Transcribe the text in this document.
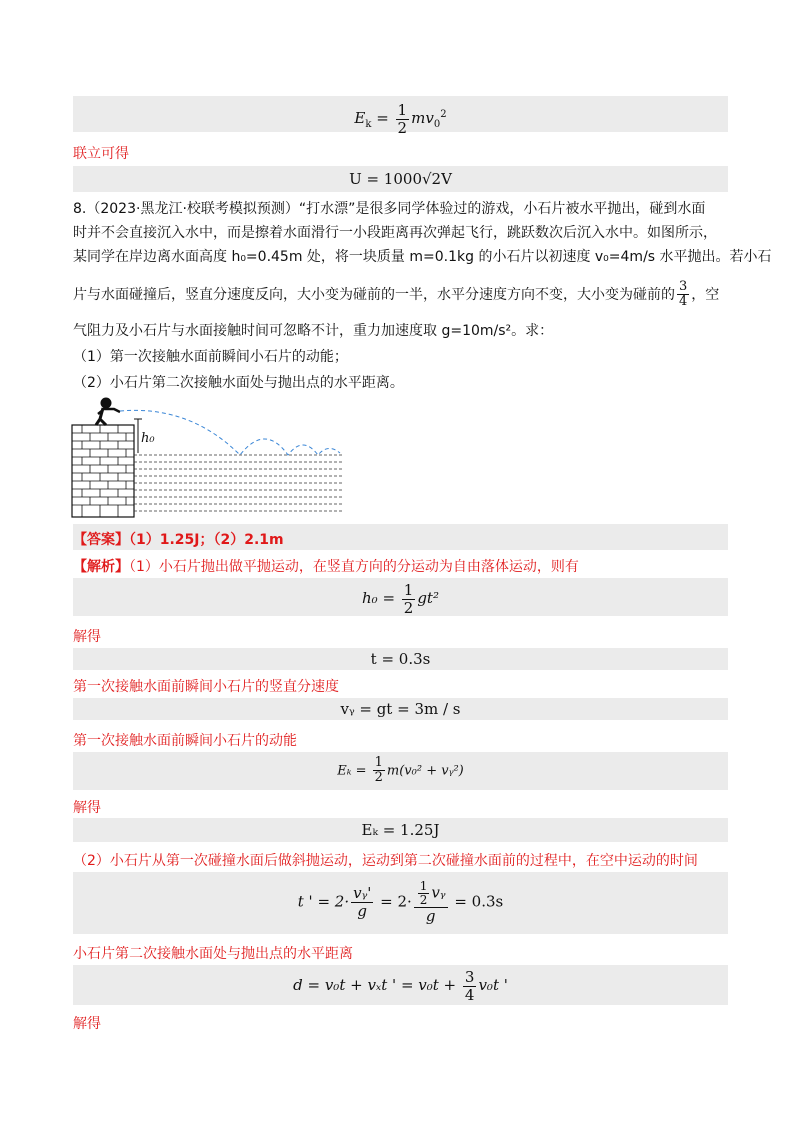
$E_k = \frac{1}{2} mv_0^2$
联立可得
U = 1000√2V
8.（2023·黑龙江·校联考模拟预测）“打水漂”是很多同学体验过的游戏，小石片被水平抛出，碰到水面
时并不会直接沉入水中，而是擦着水面滑行一小段距离再次弹起飞行，跳跃数次后沉入水中。如图所示，
某同学在岸边离水面高度 h₀=0.45m 处，将一块质量 m=0.1kg 的小石片以初速度 v₀=4m/s 水平抛出。若小石
片与水面碰撞后，竖直分速度反向，大小变为碰前的一半，水平分速度方向不变，大小变为碰前的 $\frac{3}{4}$ ，空
气阻力及小石片与水面接触时间可忽略不计，重力加速度取 g=10m/s²。求：
（1）第一次接触水面前瞬间小石片的动能；
（2）小石片第二次接触水面处与抛出点的水平距离。
h₀
【答案】（1）1.25J；（2）2.1m
【解析】（1）小石片抛出做平抛运动，在竖直方向的分运动为自由落体运动，则有
$h_0 = \frac{1}{2} gt^2$
解得
t = 0.3s
第一次接触水面前瞬间小石片的竖直分速度
vᵧ = gt = 3m / s
第一次接触水面前瞬间小石片的动能
$E_k = \frac{1}{2} m(v_0^2$ + vᵧ²)
解得
Eₖ = 1.25J
（2）小石片从第一次碰撞水面后做斜抛运动，运动到第二次碰撞水面前的过程中，在空中运动的时间
t ' = $2\cdot \frac{\text{vᵧ'}}{g} = 2\cdot \frac{\frac{1}{2} vᵧ}{g} = 0.3s$
小石片第二次接触水面处与抛出点的水平距离
d = v₀t + vₓt ' = $v_0t + \frac{3}{4} v_0t$ '
解得
